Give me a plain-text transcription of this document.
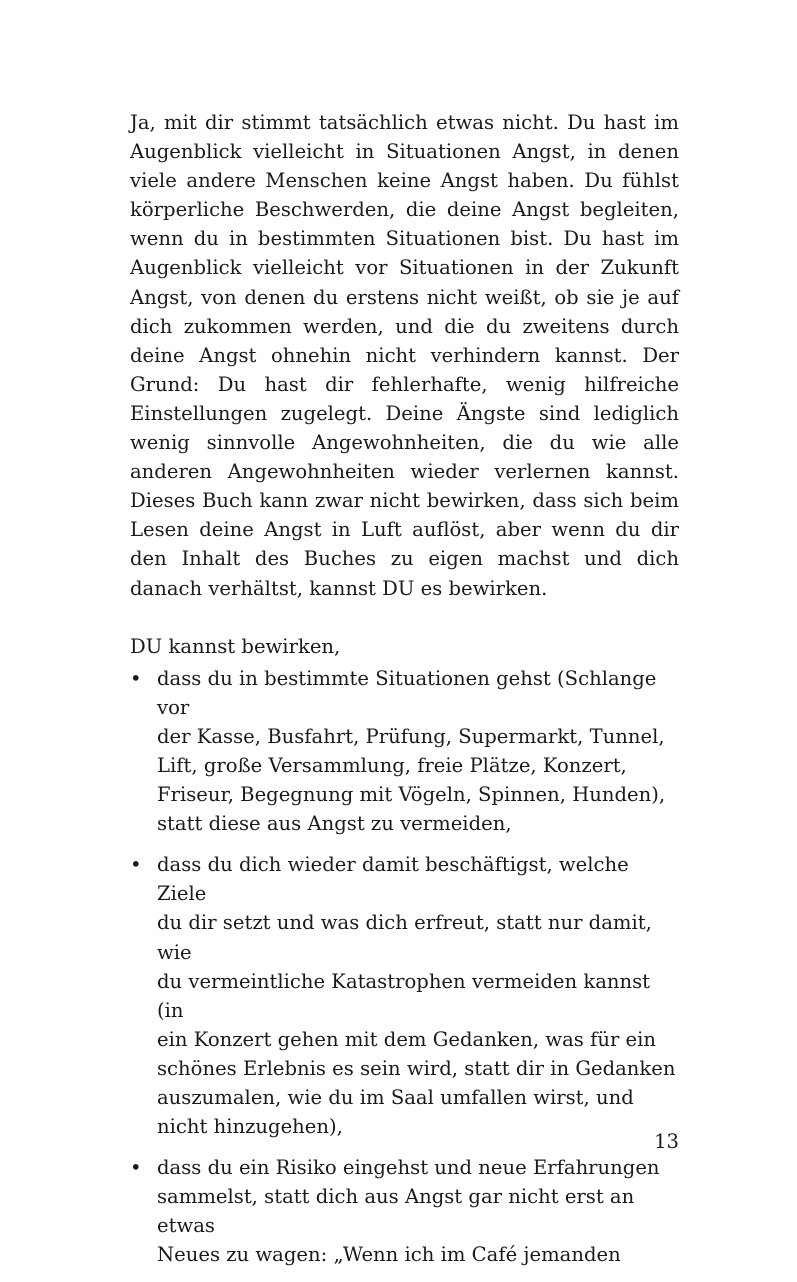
Ja, mit dir stimmt tatsächlich etwas nicht. Du hast im Augenblick vielleicht in Situationen Angst, in denen viele andere Menschen keine Angst haben. Du fühlst körperliche Beschwerden, die deine Angst begleiten, wenn du in bestimmten Situationen bist. Du hast im Augenblick vielleicht vor Situationen in der Zukunft Angst, von denen du erstens nicht weißt, ob sie je auf dich zukommen werden, und die du zweitens durch deine Angst ohnehin nicht verhindern kannst. Der Grund: Du hast dir fehlerhafte, wenig hilfreiche Einstellungen zugelegt. Deine Ängste sind lediglich wenig sinnvolle Angewohnheiten, die du wie alle anderen Angewohnheiten wieder verlernen kannst. Dieses Buch kann zwar nicht bewirken, dass sich beim Lesen deine Angst in Luft auflöst, aber wenn du dir den Inhalt des Buches zu eigen machst und dich danach verhältst, kannst DU es bewirken.

DU kannst bewirken,

• dass du in bestimmte Situationen gehst (Schlange vor
der Kasse, Busfahrt, Prüfung, Supermarkt, Tunnel,
Lift, große Versammlung, freie Plätze, Konzert,
Friseur, Begegnung mit Vögeln, Spinnen, Hunden),
statt diese aus Angst zu vermeiden,
• dass du dich wieder damit beschäftigst, welche Ziele
du dir setzt und was dich erfreut, statt nur damit, wie
du vermeintliche Katastrophen vermeiden kannst (in
ein Konzert gehen mit dem Gedanken, was für ein
schönes Erlebnis es sein wird, statt dir in Gedanken
auszumalen, wie du im Saal umfallen wirst, und
nicht hinzugehen),
• dass du ein Risiko eingehst und neue Erfahrungen
sammelst, statt dich aus Angst gar nicht erst an etwas
Neues zu wagen: „Wenn ich im Café jemanden
13
